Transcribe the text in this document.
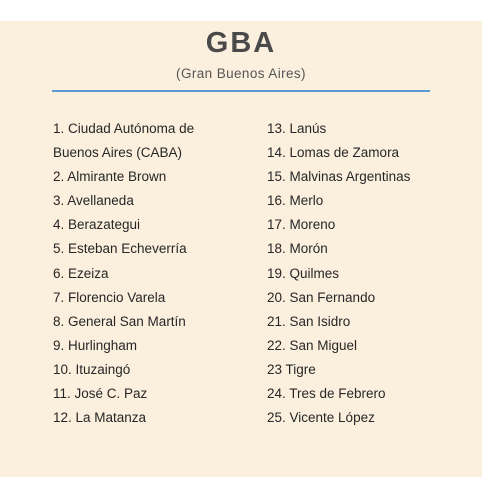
GBA
(Gran Buenos Aires)
1. Ciudad Autónoma de Buenos Aires (CABA)
2. Almirante Brown
3. Avellaneda
4. Berazategui
5. Esteban Echeverría
6. Ezeiza
7. Florencio Varela
8. General San Martín
9. Hurlingham
10. Ituzaingó
11. José C. Paz
12. La Matanza
13. Lanús
14. Lomas de Zamora
15. Malvinas Argentinas
16. Merlo
17. Moreno
18. Morón
19. Quilmes
20. San Fernando
21. San Isidro
22. San Miguel
23 Tigre
24. Tres de Febrero
25. Vicente López
